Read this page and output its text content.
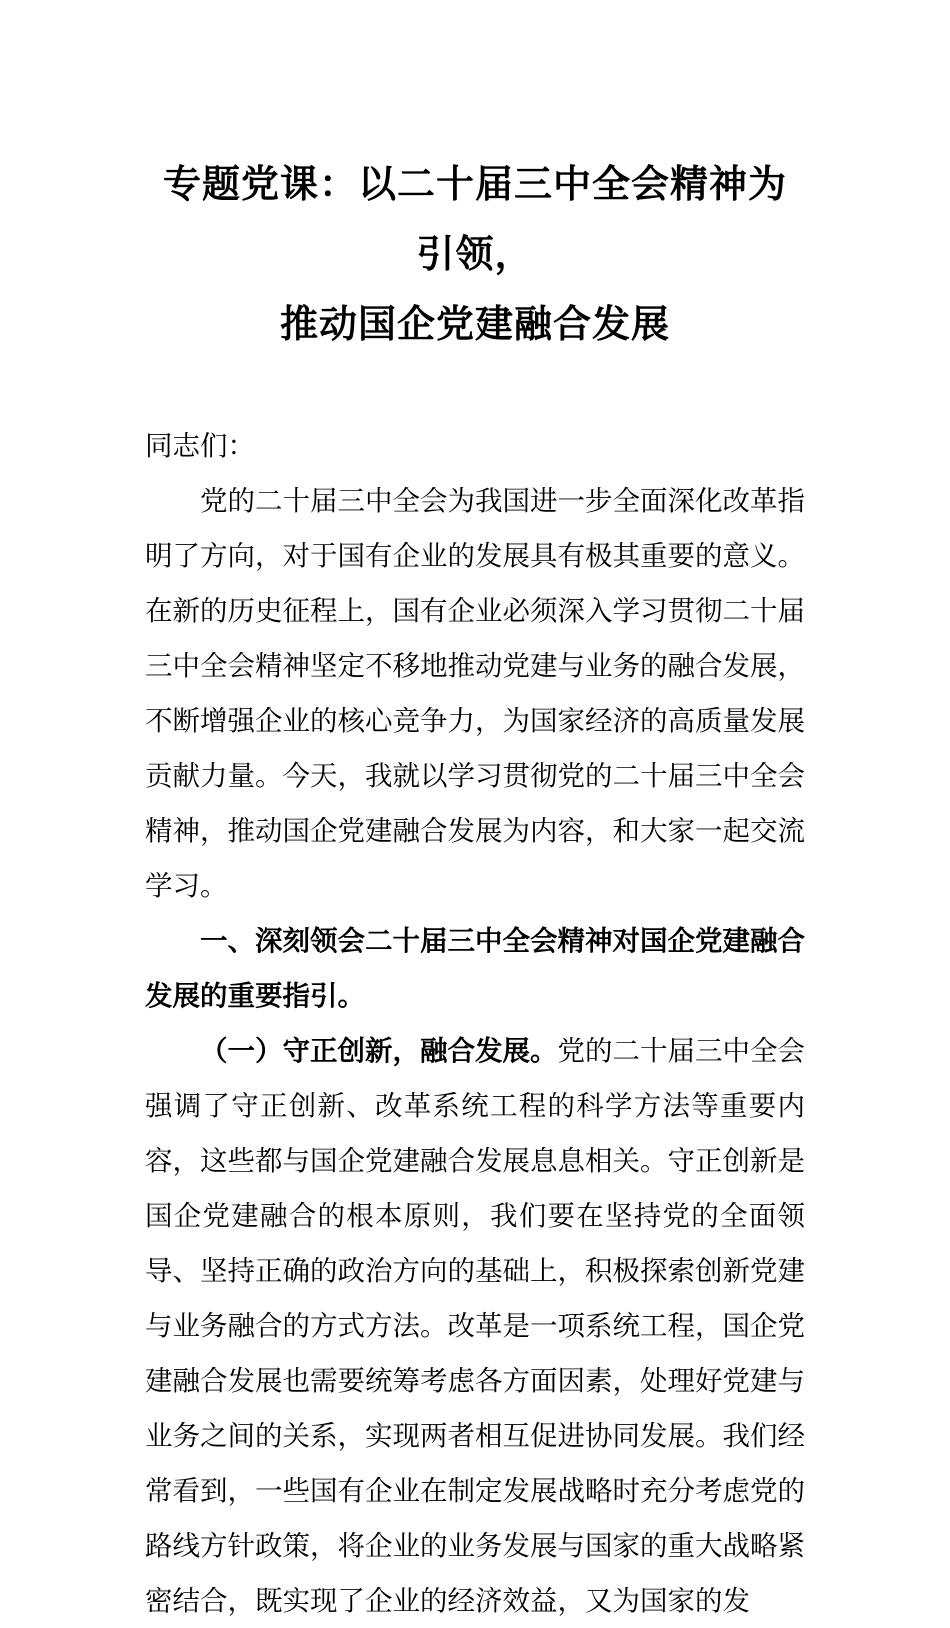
专题党课：以二十届三中全会精神为引领，
推动国企党建融合发展

同志们：

党的二十届三中全会为我国进一步全面深化改革指明了方向，对于国有企业的发展具有极其重要的意义。在新的历史征程上，国有企业必须深入学习贯彻二十届三中全会精神坚定不移地推动党建与业务的融合发展，不断增强企业的核心竞争力，为国家经济的高质量发展贡献力量。今天，我就以学习贯彻党的二十届三中全会精神，推动国企党建融合发展为内容，和大家一起交流学习。

一、深刻领会二十届三中全会精神对国企党建融合发展的重要指引。

（一）守正创新，融合发展。党的二十届三中全会强调了守正创新、改革系统工程的科学方法等重要内容，这些都与国企党建融合发展息息相关。守正创新是国企党建融合的根本原则，我们要在坚持党的全面领导、坚持正确的政治方向的基础上，积极探索创新党建与业务融合的方式方法。改革是一项系统工程，国企党建融合发展也需要统筹考虑各方面因素，处理好党建与业务之间的关系，实现两者相互促进协同发展。我们经常看到，一些国有企业在制定发展战略时充分考虑党的路线方针政策，将企业的业务发展与国家的重大战略紧密结合，既实现了企业的经济效益，又为国家的发
